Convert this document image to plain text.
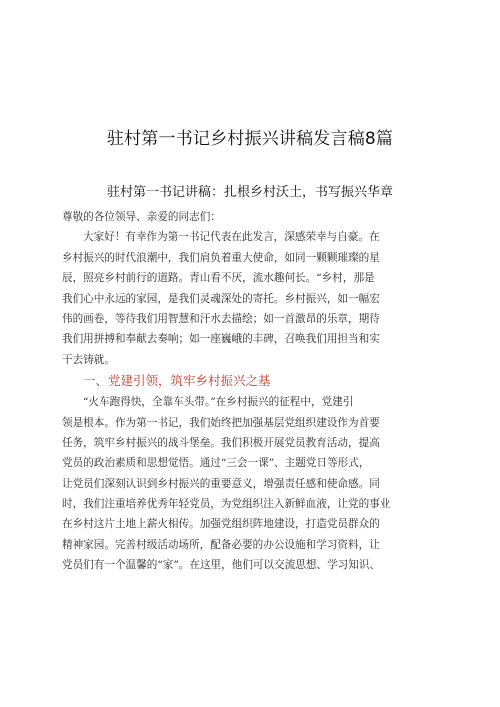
驻村第一书记乡村振兴讲稿发言稿8篇
驻村第一书记讲稿：扎根乡村沃土，书写振兴华章
尊敬的各位领导、亲爱的同志们：
大家好！有幸作为第一书记代表在此发言，深感荣幸与自豪。在
乡村振兴的时代浪潮中，我们肩负着重大使命，如同一颗颗璀璨的星
辰，照亮乡村前行的道路。青山看不厌，流水趣何长。“乡村，那是
我们心中永远的家园，是我们灵魂深处的寄托。乡村振兴，如一幅宏
伟的画卷，等待我们用智慧和汗水去描绘；如一首激昂的乐章，期待
我们用拼搏和奉献去奏响；如一座巍峨的丰碑，召唤我们用担当和实
干去铸就。
一、党建引领，筑牢乡村振兴之基
“火车跑得快，全靠车头带。”在乡村振兴的征程中，党建引
领是根本。作为第一书记，我们始终把加强基层党组织建设作为首要
任务，筑牢乡村振兴的战斗堡垒。我们积极开展党员教育活动，提高
党员的政治素质和思想觉悟。通过“三会一课”、主题党日等形式，
让党员们深刻认识到乡村振兴的重要意义，增强责任感和使命感。同
时，我们注重培养优秀年轻党员，为党组织注入新鲜血液，让党的事业
在乡村这片土地上薪火相传。加强党组织阵地建设，打造党员群众的
精神家园。完善村级活动场所，配备必要的办公设施和学习资料，让
党员们有一个温馨的“家”。在这里，他们可以交流思想、学习知识、
